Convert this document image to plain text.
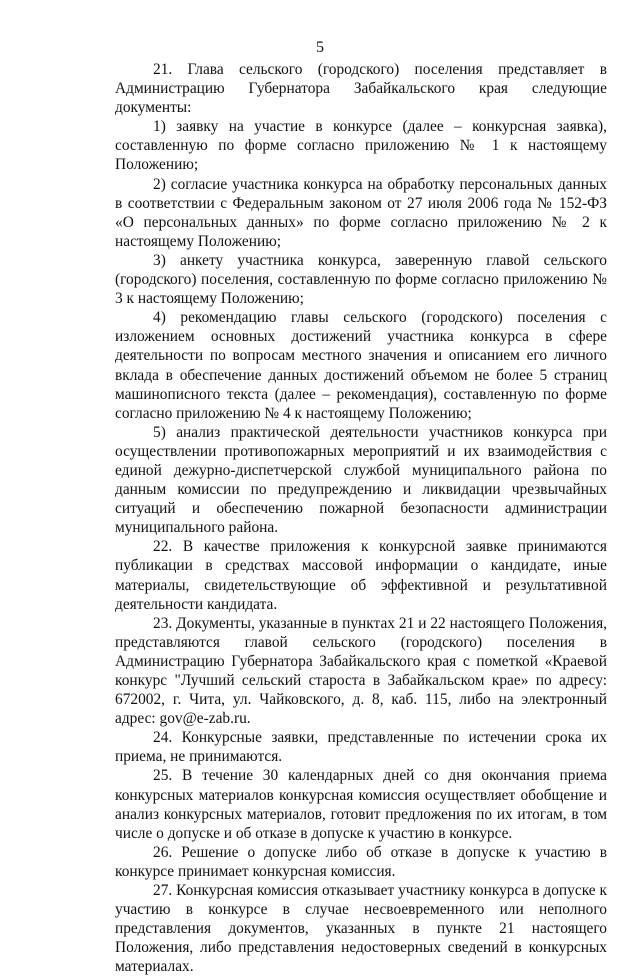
5

21. Глава сельского (городского) поселения представляет в Администрацию Губернатора Забайкальского края следующие документы:

1) заявку на участие в конкурсе (далее – конкурсная заявка), составленную по форме согласно приложению № 1 к настоящему Положению;

2) согласие участника конкурса на обработку персональных данных в соответствии с Федеральным законом от 27 июля 2006 года № 152-ФЗ «О персональных данных» по форме согласно приложению № 2 к настоящему Положению;

3) анкету участника конкурса, заверенную главой сельского (городского) поселения, составленную по форме согласно приложению № 3 к настоящему Положению;

4) рекомендацию главы сельского (городского) поселения с изложением основных достижений участника конкурса в сфере деятельности по вопросам местного значения и описанием его личного вклада в обеспечение данных достижений объемом не более 5 страниц машинописного текста (далее – рекомендация), составленную по форме согласно приложению № 4 к настоящему Положению;

5) анализ практической деятельности участников конкурса при осуществлении противопожарных мероприятий и их взаимодействия с единой дежурно-диспетчерской службой муниципального района по данным комиссии по предупреждению и ликвидации чрезвычайных ситуаций и обеспечению пожарной безопасности администрации муниципального района.

22. В качестве приложения к конкурсной заявке принимаются публикации в средствах массовой информации о кандидате, иные материалы, свидетельствующие об эффективной и результативной деятельности кандидата.

23. Документы, указанные в пунктах 21 и 22 настоящего Положения, представляются главой сельского (городского) поселения в Администрацию Губернатора Забайкальского края с пометкой «Краевой конкурс "Лучший сельский староста в Забайкальском крае» по адресу: 672002, г. Чита, ул. Чайковского, д. 8, каб. 115, либо на электронный адрес: gov@e-zab.ru.

24. Конкурсные заявки, представленные по истечении срока их приема, не принимаются.

25. В течение 30 календарных дней со дня окончания приема конкурсных материалов конкурсная комиссия осуществляет обобщение и анализ конкурсных материалов, готовит предложения по их итогам, в том числе о допуске и об отказе в допуске к участию в конкурсе.

26. Решение о допуске либо об отказе в допуске к участию в конкурсе принимает конкурсная комиссия.

27. Конкурсная комиссия отказывает участнику конкурса в допуске к участию в конкурсе в случае несвоевременного или неполного представления документов, указанных в пункте 21 настоящего Положения, либо представления недостоверных сведений в конкурсных материалах.
